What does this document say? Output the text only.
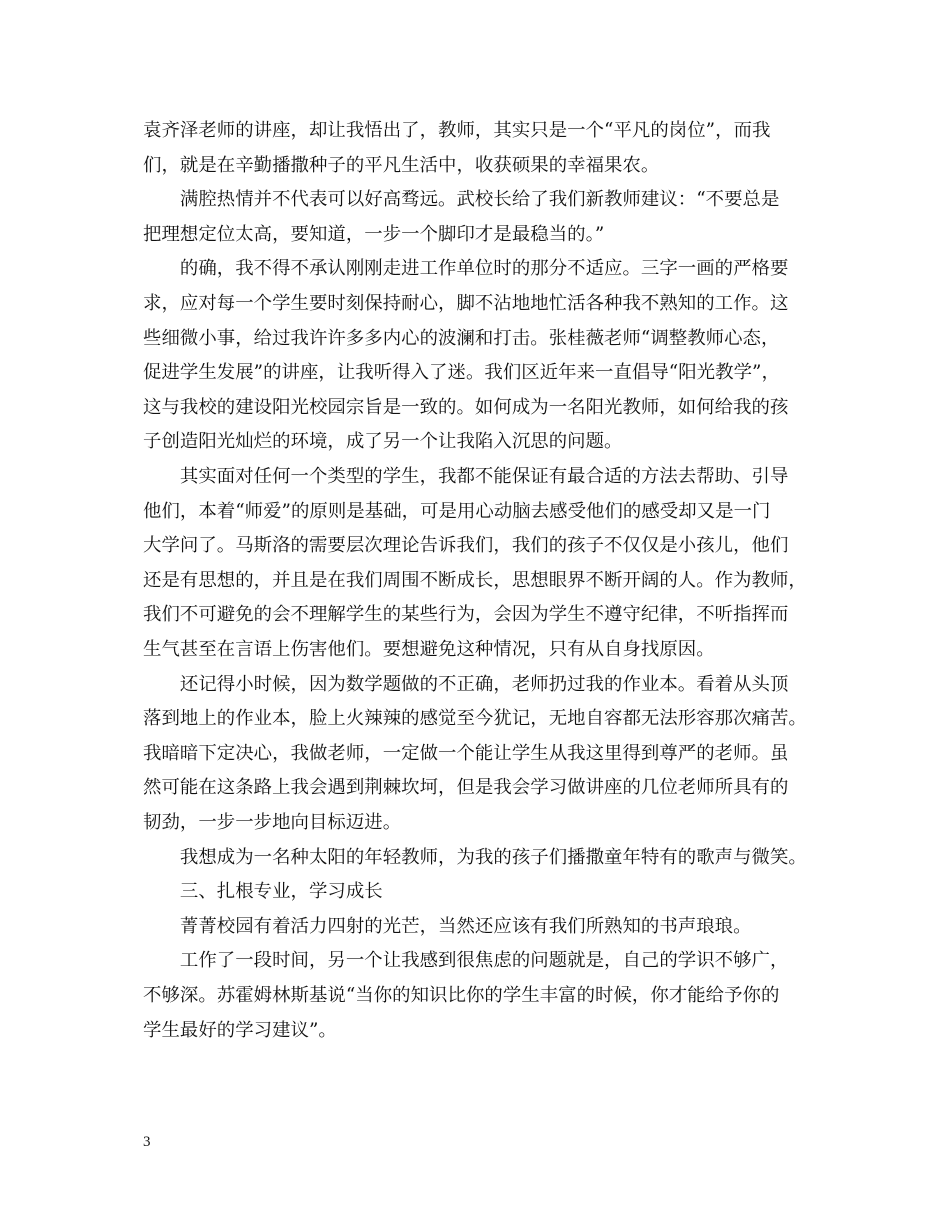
袁齐泽老师的讲座，却让我悟出了，教师，其实只是一个“平凡的岗位”，而我
们，就是在辛勤播撒种子的平凡生活中，收获硕果的幸福果农。
　　满腔热情并不代表可以好高骛远。武校长给了我们新教师建议：“不要总是
把理想定位太高，要知道，一步一个脚印才是最稳当的。”
　　的确，我不得不承认刚刚走进工作单位时的那分不适应。三字一画的严格要
求，应对每一个学生要时刻保持耐心，脚不沾地地忙活各种我不熟知的工作。这
些细微小事，给过我许许多多内心的波澜和打击。张桂薇老师“调整教师心态，
促进学生发展”的讲座，让我听得入了迷。我们区近年来一直倡导“阳光教学”，
这与我校的建设阳光校园宗旨是一致的。如何成为一名阳光教师，如何给我的孩
子创造阳光灿烂的环境，成了另一个让我陷入沉思的问题。
　　其实面对任何一个类型的学生，我都不能保证有最合适的方法去帮助、引导
他们，本着“师爱”的原则是基础，可是用心动脑去感受他们的感受却又是一门
大学问了。马斯洛的需要层次理论告诉我们，我们的孩子不仅仅是小孩儿，他们
还是有思想的，并且是在我们周围不断成长，思想眼界不断开阔的人。作为教师，
我们不可避免的会不理解学生的某些行为，会因为学生不遵守纪律，不听指挥而
生气甚至在言语上伤害他们。要想避免这种情况，只有从自身找原因。
　　还记得小时候，因为数学题做的不正确，老师扔过我的作业本。看着从头顶
落到地上的作业本，脸上火辣辣的感觉至今犹记，无地自容都无法形容那次痛苦。
我暗暗下定决心，我做老师，一定做一个能让学生从我这里得到尊严的老师。虽
然可能在这条路上我会遇到荆棘坎坷，但是我会学习做讲座的几位老师所具有的
韧劲，一步一步地向目标迈进。
　　我想成为一名种太阳的年轻教师，为我的孩子们播撒童年特有的歌声与微笑。
　　三、扎根专业，学习成长
　　菁菁校园有着活力四射的光芒，当然还应该有我们所熟知的书声琅琅。
　　工作了一段时间，另一个让我感到很焦虑的问题就是，自己的学识不够广，
不够深。苏霍姆林斯基说“当你的知识比你的学生丰富的时候，你才能给予你的
学生最好的学习建议”。
3
